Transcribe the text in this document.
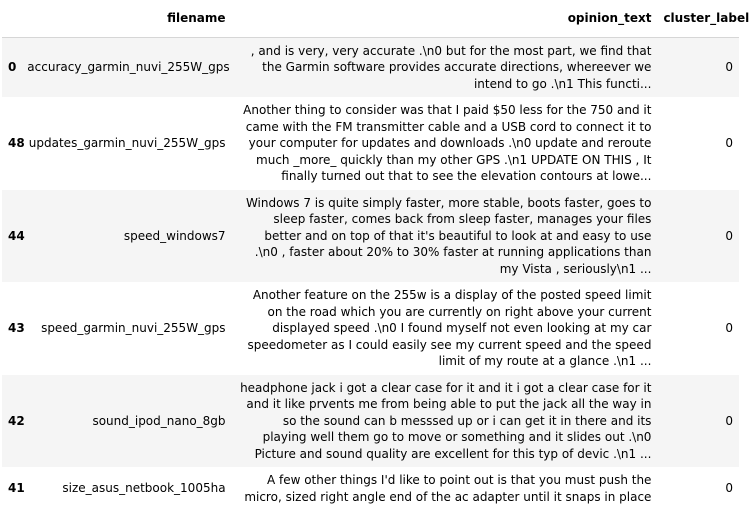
	filename	opinion_text	cluster_label
0	accuracy_garmin_nuvi_255W_gps	, and is very, very accurate .\n0 but for the most part, we find that the Garmin software provides accurate directions, whereever we intend to go .\n1 This functi...	0
48	updates_garmin_nuvi_255W_gps	Another thing to consider was that I paid $50 less for the 750 and it came with the FM transmitter cable and a USB cord to connect it to your computer for updates and downloads .\n0 update and reroute much _more_ quickly than my other GPS .\n1 UPDATE ON THIS , It finally turned out that to see the elevation contours at lowe...	0
44	speed_windows7	Windows 7 is quite simply faster, more stable, boots faster, goes to sleep faster, comes back from sleep faster, manages your files better and on top of that it's beautiful to look at and easy to use .\n0 , faster about 20% to 30% faster at running applications than my Vista , seriously\n1 ...	0
43	speed_garmin_nuvi_255W_gps	Another feature on the 255w is a display of the posted speed limit on the road which you are currently on right above your current displayed speed .\n0 I found myself not even looking at my car speedometer as I could easily see my current speed and the speed limit of my route at a glance .\n1 ...	0
42	sound_ipod_nano_8gb	headphone jack i got a clear case for it and it i got a clear case for it and it like prvents me from being able to put the jack all the way in so the sound can b messsed up or i can get it in there and its playing well them go to move or something and it slides out .\n0 Picture and sound quality are excellent for this typ of devic .\n1 ...	0
41	size_asus_netbook_1005ha	A few other things I'd like to point out is that you must push the micro, sized right angle end of the ac adapter until it snaps in place	0
